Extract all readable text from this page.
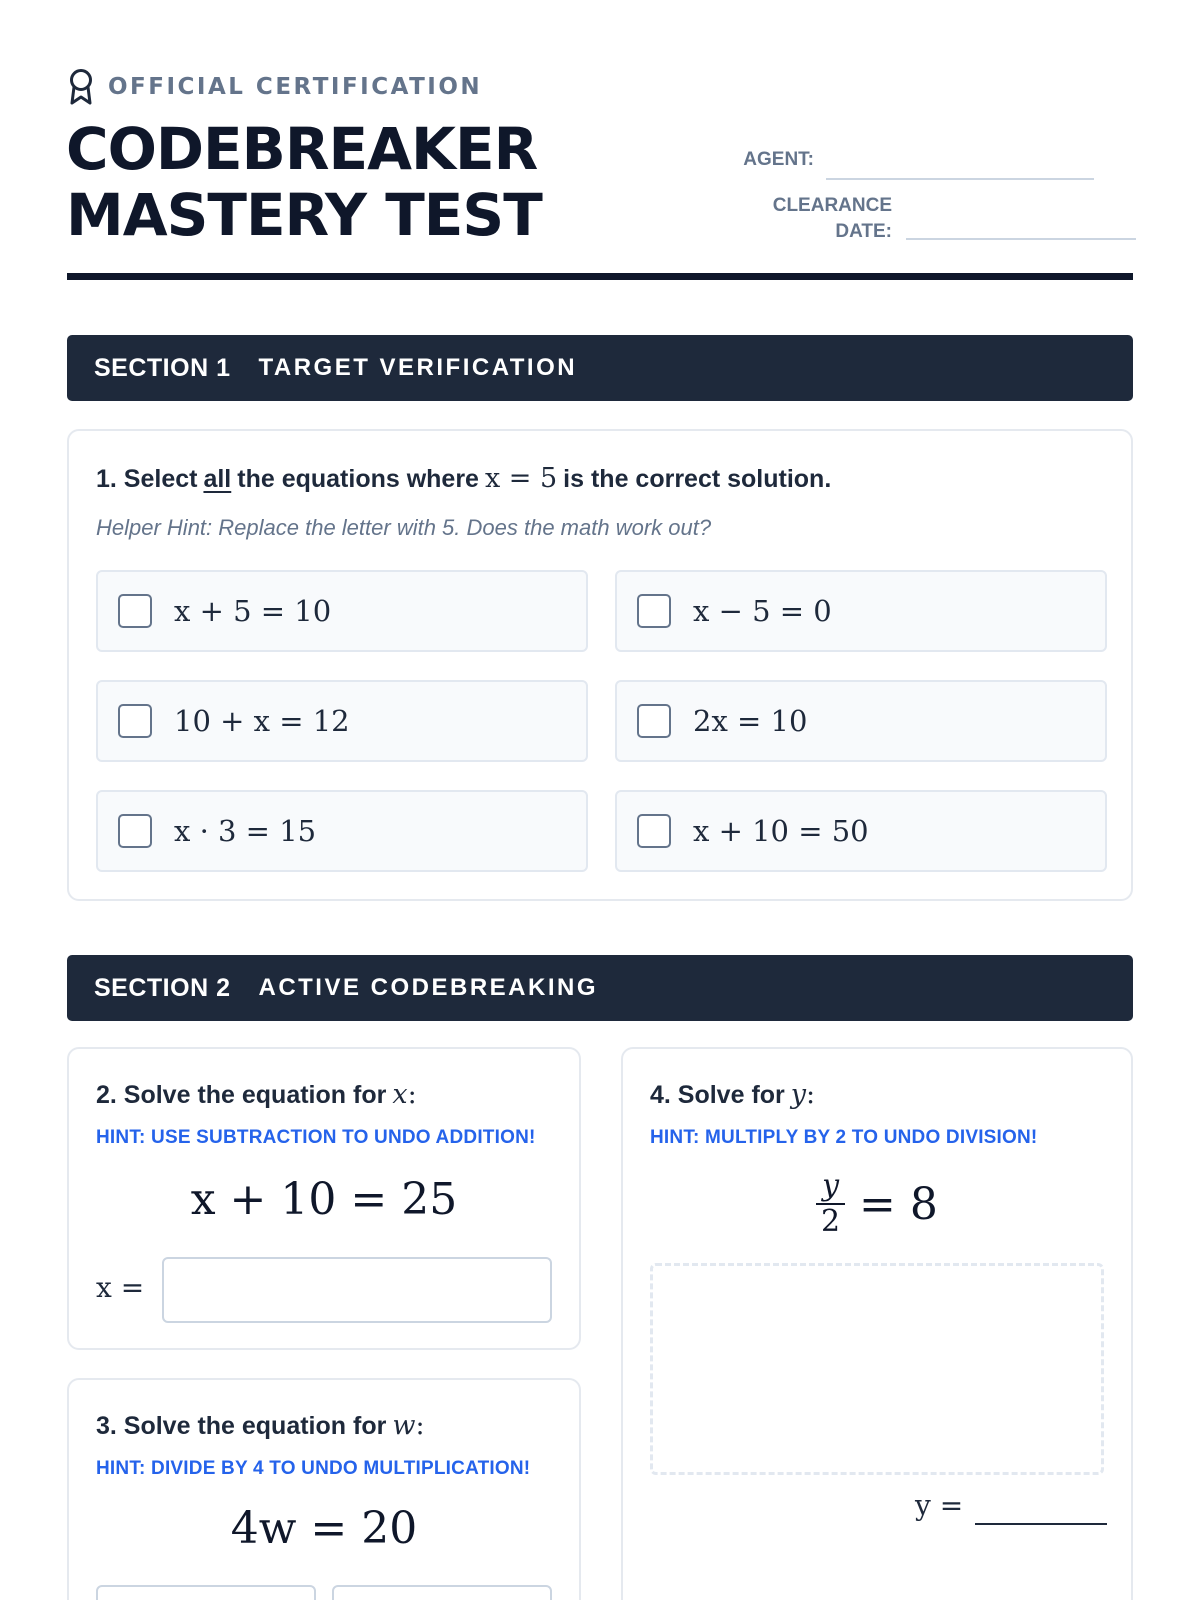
OFFICIAL CERTIFICATION
CODEBREAKER
MASTERY TEST
AGENT:
CLEARANCE
DATE:
SECTION 1 TARGET VERIFICATION
1. Select all the equations where x = 5 is the correct solution.
Helper Hint: Replace the letter with 5. Does the math work out?
x + 5 = 10	x − 5 = 0
10 + x = 12	2x = 10
x · 3 = 15	x + 10 = 50
SECTION 2 ACTIVE CODEBREAKING
2. Solve the equation for x:
HINT: USE SUBTRACTION TO UNDO ADDITION!
x + 10 = 25
x =
3. Solve the equation for w:
HINT: DIVIDE BY 4 TO UNDO MULTIPLICATION!
4w = 20
4. Solve for y:
HINT: MULTIPLY BY 2 TO UNDO DIVISION!
$\frac{y}{2} = 8$
y =
